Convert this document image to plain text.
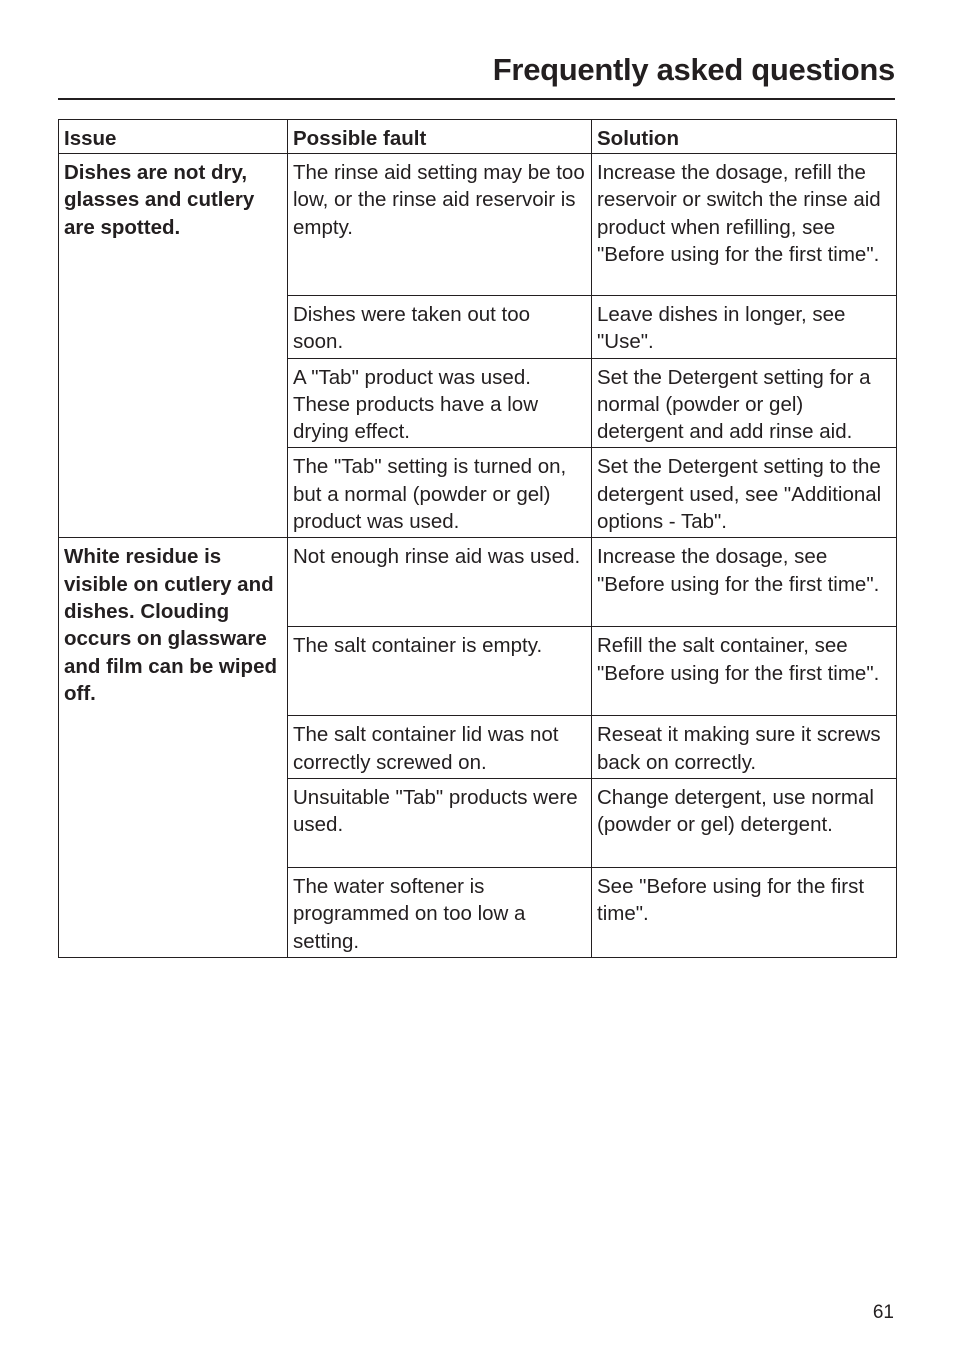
Frequently asked questions
Issue	Possible fault	Solution
Dishes are not dry, glasses and cutlery are spotted.	The rinse aid setting may be too low, or the rinse aid reservoir is empty.	Increase the dosage, refill the reservoir or switch the rinse aid product when refilling, see "Before using for the first time".
	Dishes were taken out too soon.	Leave dishes in longer, see "Use".
	A "Tab" product was used. These products have a low drying effect.	Set the Detergent setting for a normal (powder or gel) detergent and add rinse aid.
	The "Tab" setting is turned on, but a normal (powder or gel) product was used.	Set the Detergent setting to the detergent used, see "Additional options - Tab".
White residue is visible on cutlery and dishes. Clouding occurs on glassware and film can be wiped off.	Not enough rinse aid was used.	Increase the dosage, see "Before using for the first time".
	The salt container is empty.	Refill the salt container, see "Before using for the first time".
	The salt container lid was not correctly screwed on.	Reseat it making sure it screws back on correctly.
	Unsuitable "Tab" products were used.	Change detergent, use normal (powder or gel) detergent.
	The water softener is programmed on too low a setting.	See "Before using for the first time".
61
